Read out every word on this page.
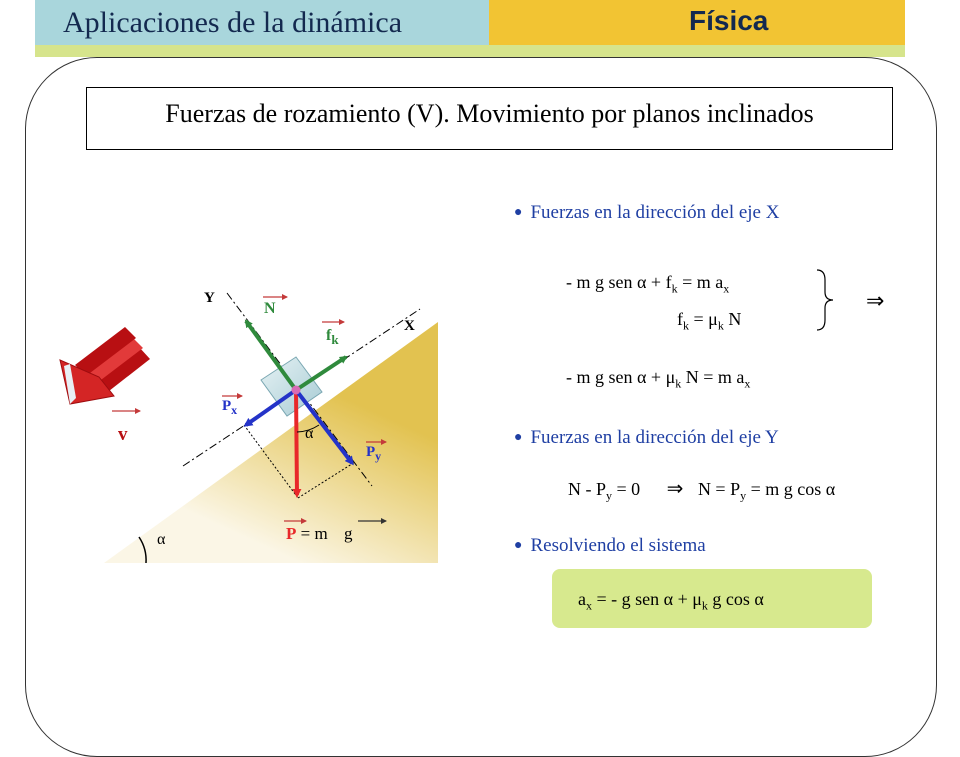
Aplicaciones de la dinámica	Física
Fuerzas de rozamiento (V). Movimiento por planos inclinados
Y
X
N
$f_k$
$P_x$
$P_y$
α
α
v
P = m g
● Fuerzas en la dirección del eje X
- m g sen $\alpha + f_k = m$ $a_x$
$f_k = \mu_k$ N
⇒
- m g sen $\alpha + \mu_k$ N = m $a_x$
● Fuerzas en la dirección del eje Y
$N - P_y = 0$ ⇒ $N = P_y = m$ g cos α
● Resolviendo el sistema
$a_x$ = - g sen $\alpha + \mu_k$ g cos α
